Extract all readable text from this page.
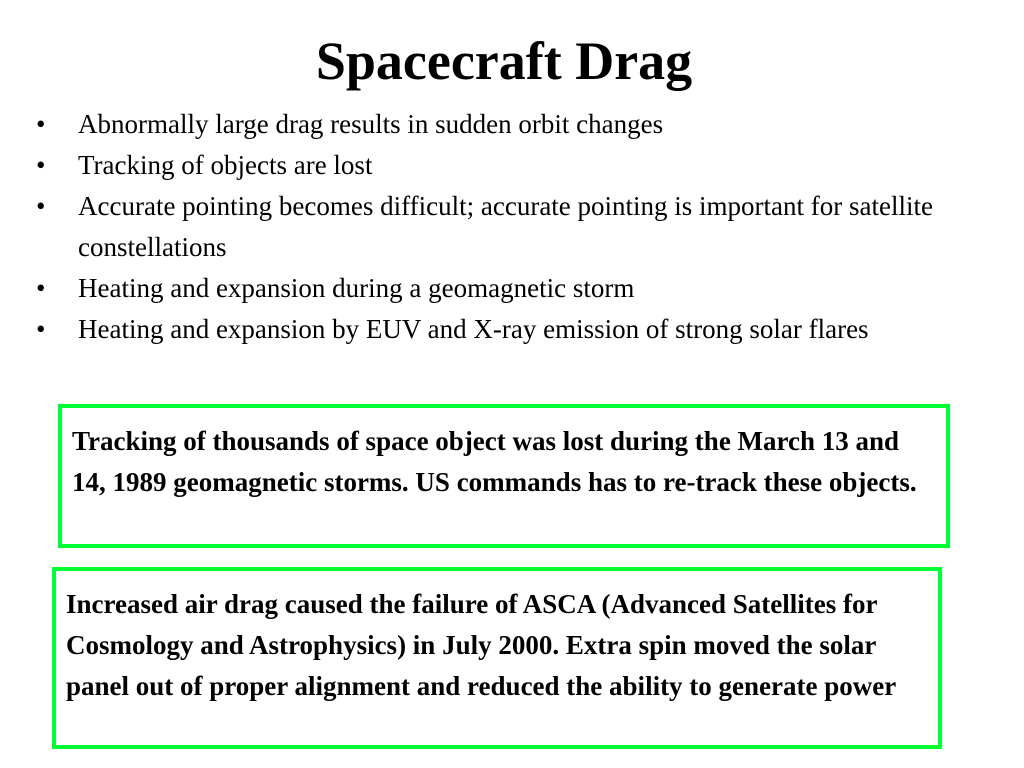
Spacecraft Drag
• Abnormally large drag results in sudden orbit changes
• Tracking of objects are lost
• Accurate pointing becomes difficult; accurate pointing is important for satellite constellations
• Heating and expansion during a geomagnetic storm
• Heating and expansion by EUV and X-ray emission of strong solar flares
Tracking of thousands of space object was lost during the March 13 and 14, 1989 geomagnetic storms. US commands has to re-track these objects.
Increased air drag caused the failure of ASCA (Advanced Satellites for Cosmology and Astrophysics) in July 2000. Extra spin moved the solar panel out of proper alignment and reduced the ability to generate power
